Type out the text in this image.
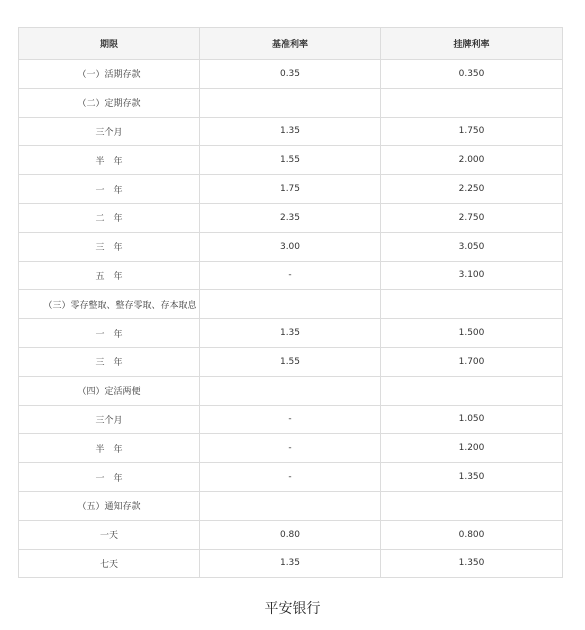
期限	基准利率	挂牌利率
（一）活期存款	0.35	0.350
（二）定期存款		
三个月	1.35	1.750
半　年	1.55	2.000
一　年	1.75	2.250
二　年	2.35	2.750
三　年	3.00	3.050
五　年	-	3.100
（三）零存整取、整存零取、存本取息		
一　年	1.35	1.500
三　年	1.55	1.700
（四）定活两便		
三个月	-	1.050
半　年	-	1.200
一　年	-	1.350
（五）通知存款		
一天	0.80	0.800
七天	1.35	1.350
平安银行
